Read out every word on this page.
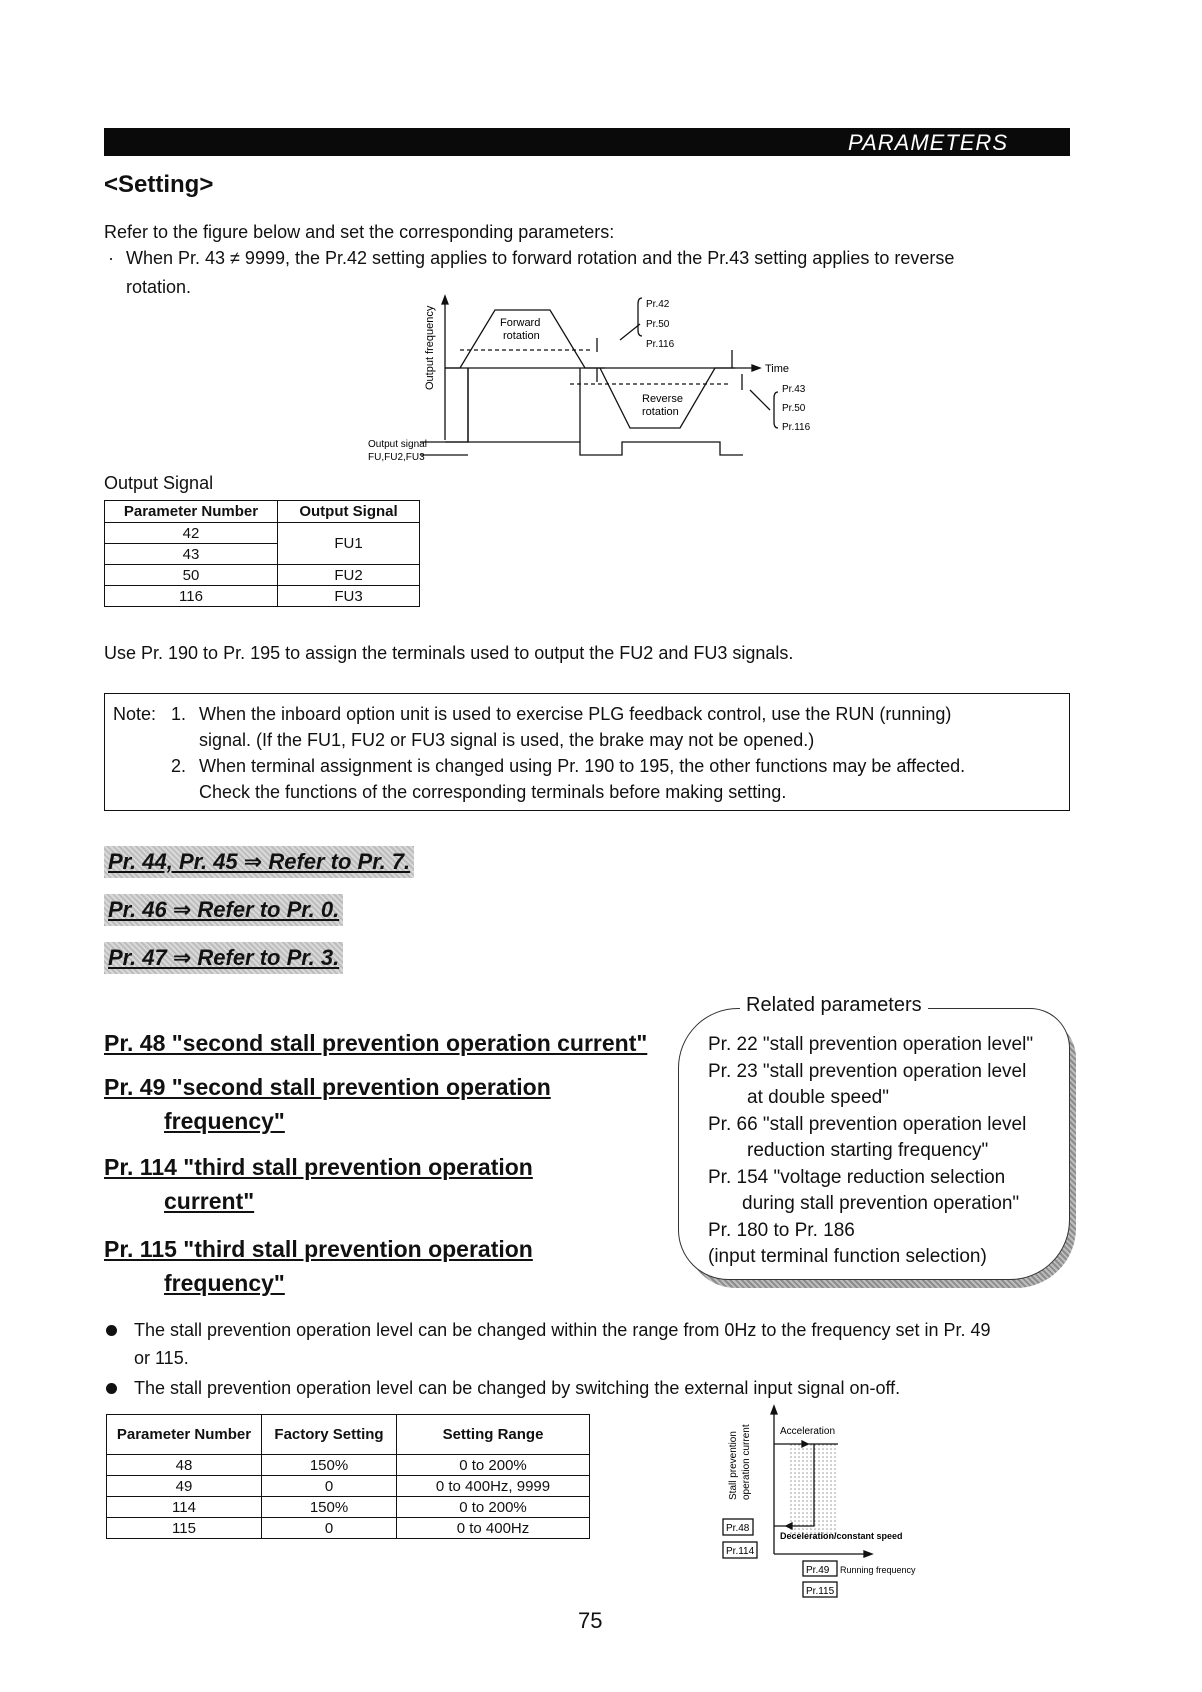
PARAMETERS
<Setting>
Refer to the figure below and set the corresponding parameters:
· When Pr. 43 ≠ 9999, the Pr.42 setting applies to forward rotation and the Pr.43 setting applies to reverse
rotation.
Output frequency	Forward
rotation
Reverse
rotation
Time
Pr.42
Pr.50
Pr.116
Pr.43
Pr.50
Pr.116
Output signal
FU,FU2,FU3
Output Signal
Parameter Number	Output Signal
42	FU1
43	
50	FU2
116	FU3
Use Pr. 190 to Pr. 195 to assign the terminals used to output the FU2 and FU3 signals.
Note: 1. When the inboard option unit is used to exercise PLG feedback control, use the RUN (running)
signal. (If the FU1, FU2 or FU3 signal is used, the brake may not be opened.)
2. When terminal assignment is changed using Pr. 190 to 195, the other functions may be affected.
Check the functions of the corresponding terminals before making setting.
Pr. 44, Pr. 45 ⇒ Refer to Pr. 7.
Pr. 46 ⇒ Refer to Pr. 0.
Pr. 47 ⇒ Refer to Pr. 3.
Pr. 48 "second stall prevention operation current"
Pr. 49 "second stall prevention operation
frequency"
Pr. 114 "third stall prevention operation
current"
Pr. 115 "third stall prevention operation
frequency"
Related parameters
Pr. 22 "stall prevention operation level"
Pr. 23 "stall prevention operation level
at double speed"
Pr. 66 "stall prevention operation level
reduction starting frequency"
Pr. 154 "voltage reduction selection
during stall prevention operation"
Pr. 180 to Pr. 186
(input terminal function selection)
The stall prevention operation level can be changed within the range from 0Hz to the frequency set in Pr. 49
or 115.
The stall prevention operation level can be changed by switching the external input signal on-off.
Parameter Number	Factory Setting	Setting Range
48	150%	0 to 200%
49	0	0 to 400Hz, 9999
114	150%	0 to 200%
115	0	0 to 400Hz
Stall prevention operation current	Acceleration
Deceleration/constant speed
Pr.48
Pr.114
Pr.49
Pr.115
Running frequency
75
